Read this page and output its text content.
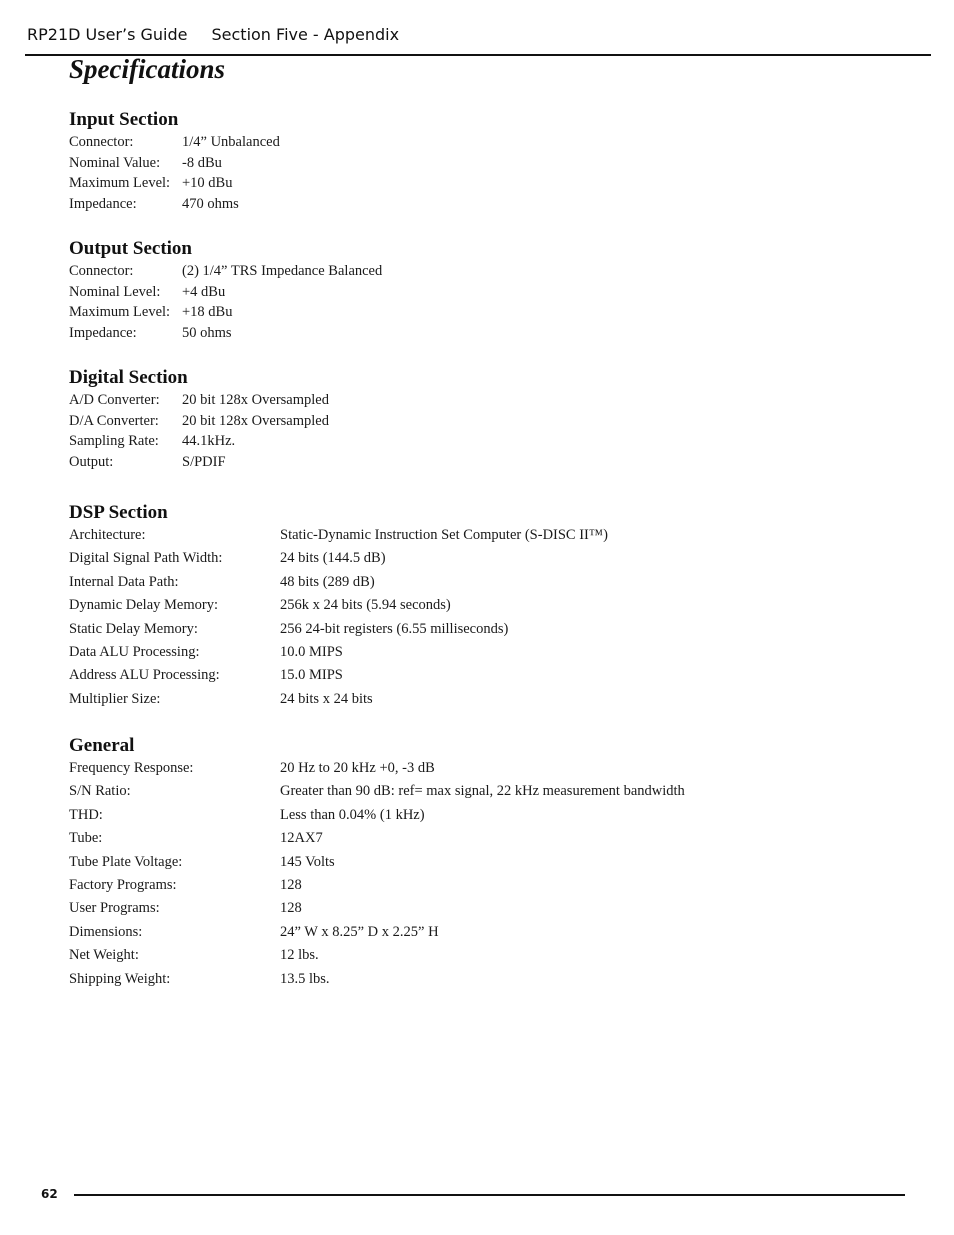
RP21D User’s Guide Section Five - Appendix
Specifications
Input Section
Connector:	1/4” Unbalanced
Nominal Value:	-8 dBu
Maximum Level: +10 dBu
Impedance:	470 ohms
Output Section
Connector:	(2) 1/4” TRS Impedance Balanced
Nominal Level:	+4 dBu
Maximum Level: +18 dBu
Impedance:	50 ohms
Digital Section
A/D Converter:	20 bit 128x Oversampled
D/A Converter:	20 bit 128x Oversampled
Sampling Rate:	44.1kHz.
Output:	S/PDIF
DSP Section
Architecture:	Static-Dynamic Instruction Set Computer (S-DISC II™)
Digital Signal Path Width:	24 bits (144.5 dB)
Internal Data Path:	48 bits (289 dB)
Dynamic Delay Memory:	256k x 24 bits (5.94 seconds)
Static Delay Memory:	256 24-bit registers (6.55 milliseconds)
Data ALU Processing:	10.0 MIPS
Address ALU Processing:	15.0 MIPS
Multiplier Size:	24 bits x 24 bits
General
Frequency Response:	20 Hz to 20 kHz +0, -3 dB
S/N Ratio:	Greater than 90 dB: ref= max signal, 22 kHz measurement bandwidth
THD:	Less than 0.04% (1 kHz)
Tube:	12AX7
Tube Plate Voltage:	145 Volts
Factory Programs:	128
User Programs:	128
Dimensions:	24” W x 8.25” D x 2.25” H
Net Weight:	12 lbs.
Shipping Weight:	13.5 lbs.
62
